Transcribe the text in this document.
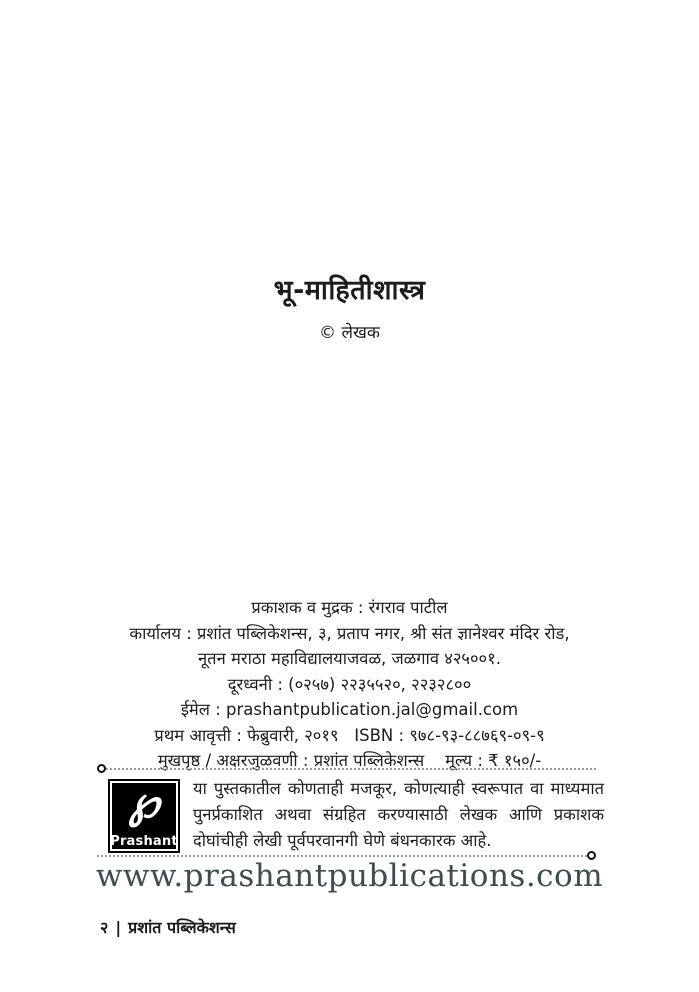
भू-माहितीशास्त्र
© लेखक
प्रकाशक व मुद्रक : रंगराव पाटील
कार्यालय : प्रशांत पब्लिकेशन्स, ३, प्रताप नगर, श्री संत ज्ञानेश्वर मंदिर रोड,
नूतन मराठा महाविद्यालयाजवळ, जळगाव ४२५००१.
दूरध्वनी : (०२५७) २२३५५२०, २२३२८००
ईमेल : prashantpublication.jal@gmail.com
प्रथम आवृत्ती : फेब्रुवारी, २०१९   ISBN : ९७८-९३-८८७६९-०९-९
मुखपृष्ठ / अक्षरजुळवणी : प्रशांत पब्लिकेशन्स    मूल्य : ₹ १५०/-
℘
Prashant
या पुस्तकातील कोणताही मजकूर, कोणत्याही स्वरूपात वा माध्यमात पुनर्प्रकाशित अथवा संग्रहित करण्यासाठी लेखक आणि प्रकाशक दोघांचीही लेखी पूर्वपरवानगी घेणे बंधनकारक आहे.
www.prashantpublications.com
२ | प्रशांत पब्लिकेशन्स
